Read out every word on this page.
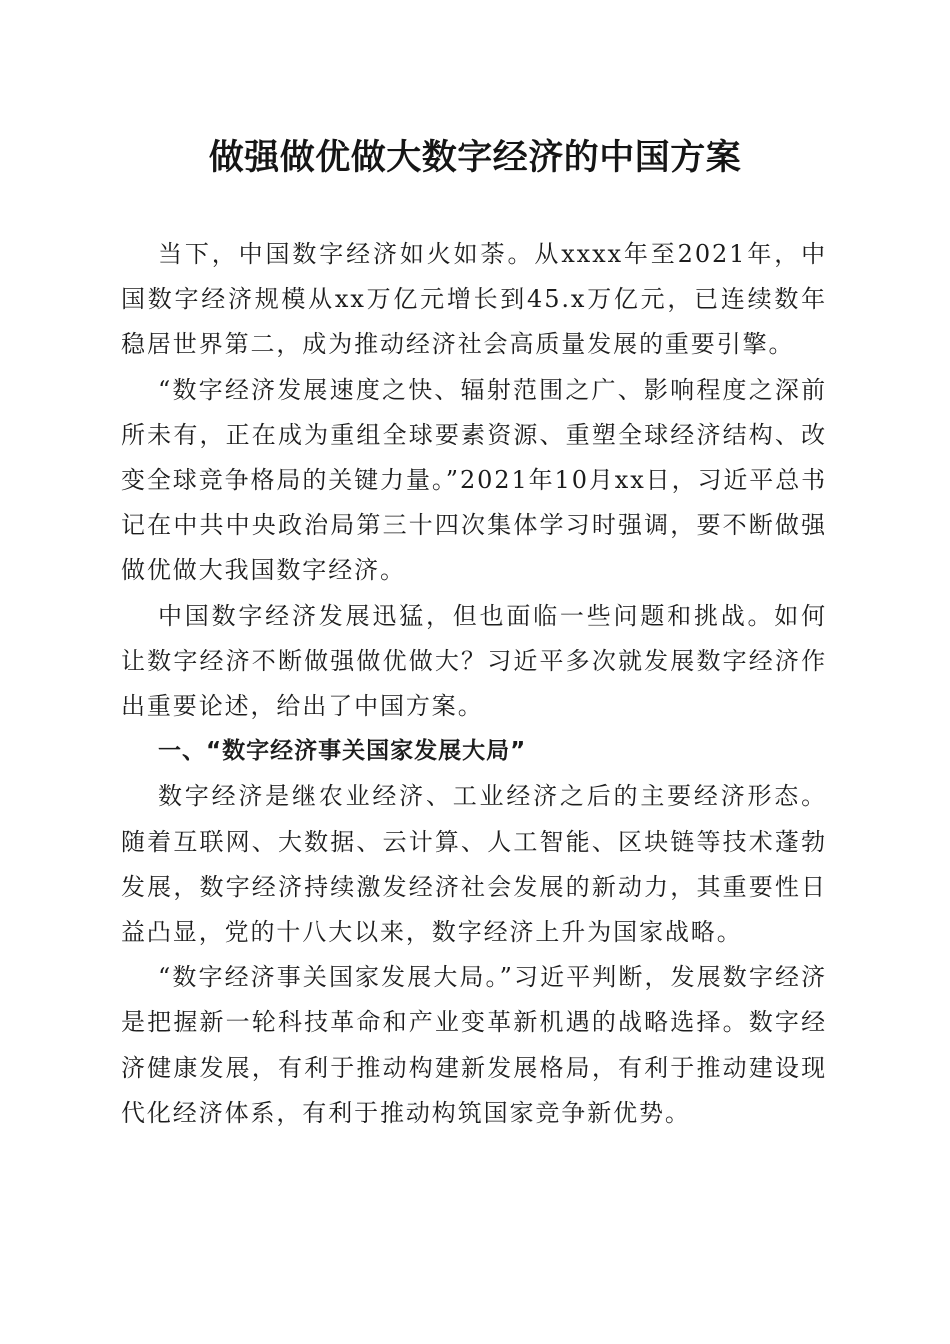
做强做优做大数字经济的中国方案

当下，中国数字经济如火如荼。从xxxx年至2021年，中国数字经济规模从xx万亿元增长到45.x万亿元，已连续数年稳居世界第二，成为推动经济社会高质量发展的重要引擎。

“数字经济发展速度之快、辐射范围之广、影响程度之深前所未有，正在成为重组全球要素资源、重塑全球经济结构、改变全球竞争格局的关键力量。”2021年10月xx日，习近平总书记在中共中央政治局第三十四次集体学习时强调，要不断做强做优做大我国数字经济。

中国数字经济发展迅猛，但也面临一些问题和挑战。如何让数字经济不断做强做优做大？习近平多次就发展数字经济作出重要论述，给出了中国方案。

一、“数字经济事关国家发展大局”

数字经济是继农业经济、工业经济之后的主要经济形态。随着互联网、大数据、云计算、人工智能、区块链等技术蓬勃发展，数字经济持续激发经济社会发展的新动力，其重要性日益凸显，党的十八大以来，数字经济上升为国家战略。

“数字经济事关国家发展大局。”习近平判断，发展数字经济是把握新一轮科技革命和产业变革新机遇的战略选择。数字经济健康发展，有利于推动构建新发展格局，有利于推动建设现代化经济体系，有利于推动构筑国家竞争新优势。
